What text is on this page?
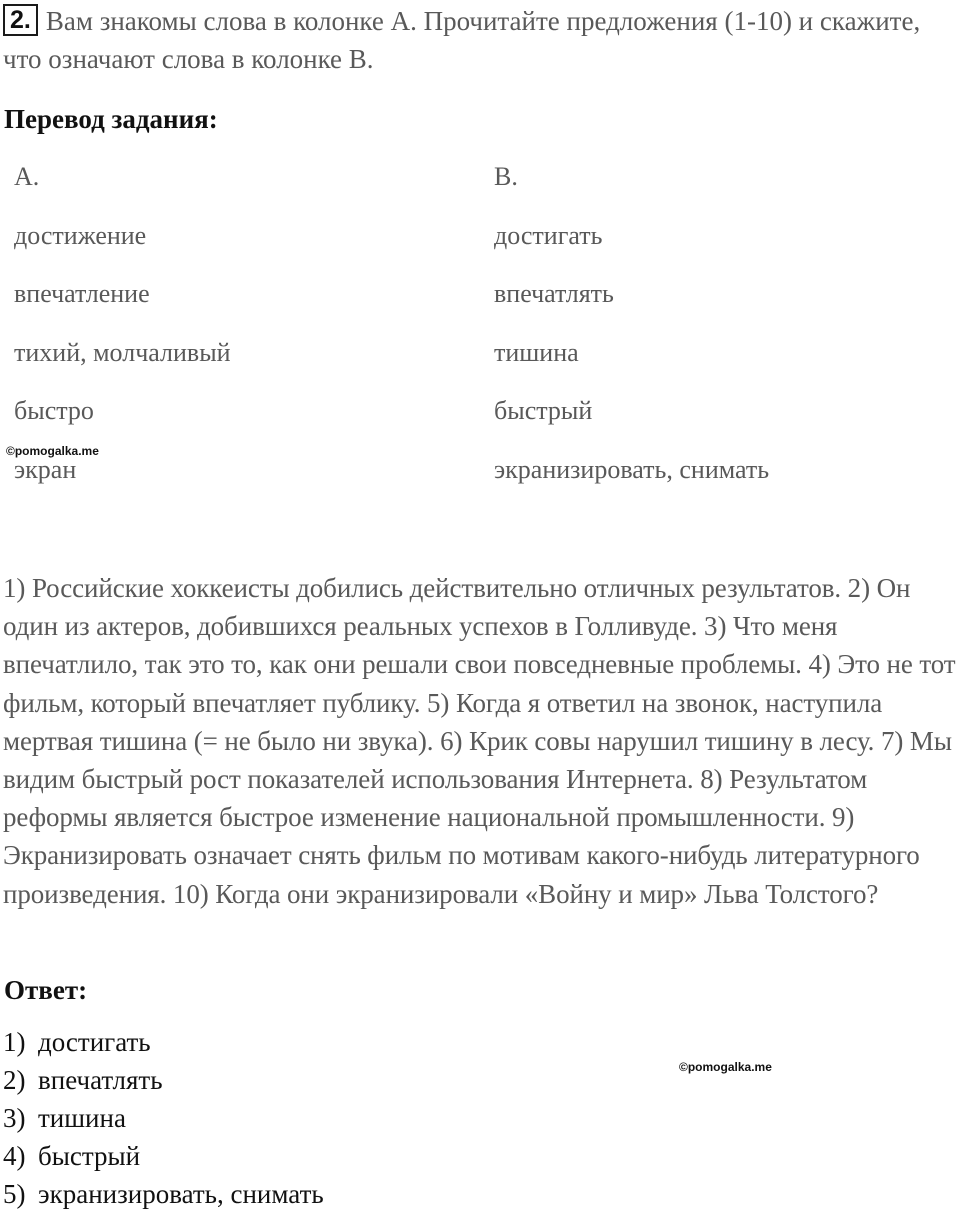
2. Вам знакомы слова в колонке А. Прочитайте предложения (1-10) и скажите, что означают слова в колонке В.
Перевод задания:
А.	В.
достижение	достигать
впечатление	впечатлять
тихий, молчаливый	тишина
быстро	быстрый
экран	экранизировать, снимать
©pomogalka.me
1) Российские хоккеисты добились действительно отличных результатов. 2) Он один из актеров, добившихся реальных успехов в Голливуде. 3) Что меня впечатлило, так это то, как они решали свои повседневные проблемы. 4) Это не тот фильм, который впечатляет публику. 5) Когда я ответил на звонок, наступила мертвая тишина (= не было ни звука). 6) Крик совы нарушил тишину в лесу. 7) Мы видим быстрый рост показателей использования Интернета. 8) Результатом реформы является быстрое изменение национальной промышленности. 9) Экранизировать означает снять фильм по мотивам какого-нибудь литературного произведения. 10) Когда они экранизировали «Войну и мир» Льва Толстого?
Ответ:
1) достигать
2) впечатлять
3) тишина
4) быстрый
5) экранизировать, снимать
©pomogalka.me
